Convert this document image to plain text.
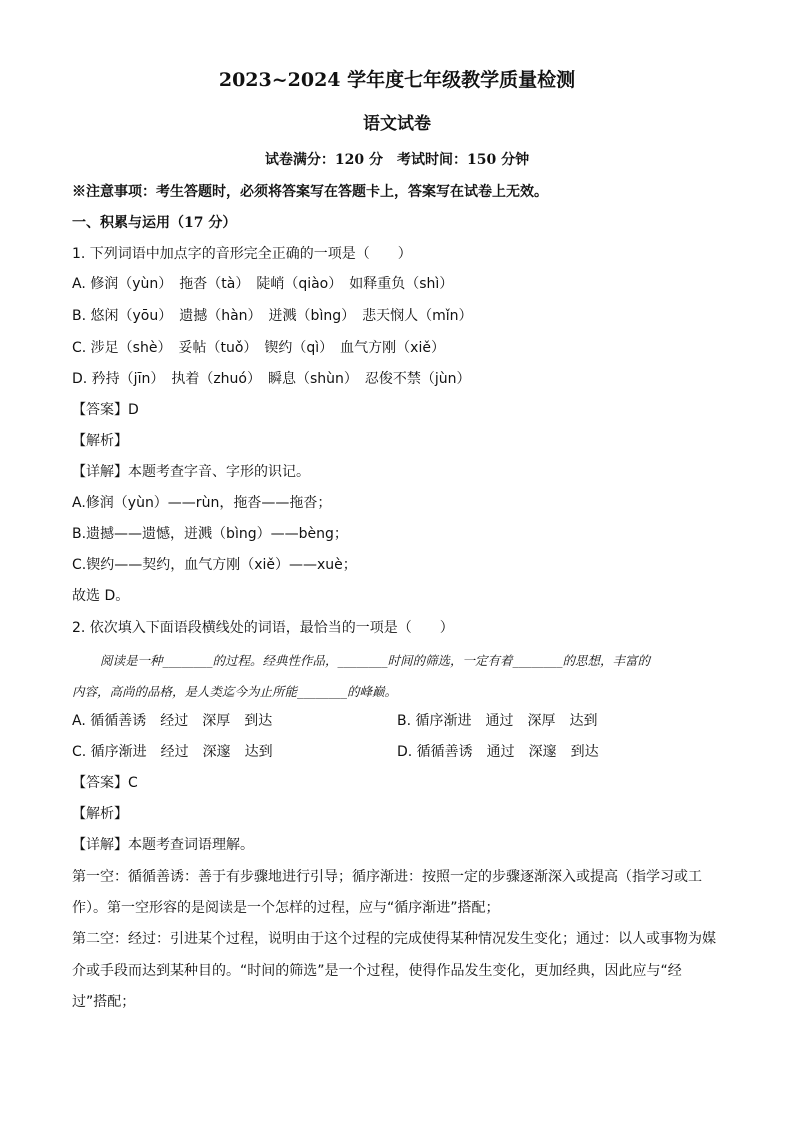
2023~2024 学年度七年级教学质量检测
语文试卷
试卷满分：120 分　考试时间：150 分钟
※注意事项：考生答题时，必须将答案写在答题卡上，答案写在试卷上无效。
一、积累与运用（17 分）
1. 下列词语中加点字的音形完全正确的一项是（　　）
A. 修润（yùn）　拖沓（tà）　陡峭（qiào）　如释重负（shì）
B. 悠闲（yōu）　遗撼（hàn）　迸溅（bìng）　悲天悯人（mǐn）
C. 涉足（shè）　妥帖（tuǒ）　锲约（qì）　血气方刚（xiě）
D. 矜持（jīn）　执着（zhuó）　瞬息（shùn）　忍俊不禁（jùn）
【答案】D
【解析】
【详解】本题考查字音、字形的识记。
A.修润（yùn）——rùn，拖沓——拖沓；
B.遗撼——遗憾，迸溅（bìng）——bèng；
C.锲约——契约，血气方刚（xiě）——xuè；
故选 D。
2. 依次填入下面语段横线处的词语，最恰当的一项是（　　）
阅读是一种________的过程。经典性作品，________时间的筛选，一定有着________的思想，丰富的
内容，高尚的品格，是人类迄今为止所能________的峰巅。
A. 循循善诱　经过　深厚　到达	B. 循序渐进　通过　深厚　达到
C. 循序渐进　经过　深邃　达到	D. 循循善诱　通过　深邃　到达
【答案】C
【解析】
【详解】本题考查词语理解。
第一空：循循善诱：善于有步骤地进行引导；循序渐进：按照一定的步骤逐渐深入或提高（指学习或工
作）。第一空形容的是阅读是一个怎样的过程，应与“循序渐进”搭配；
第二空：经过：引进某个过程，说明由于这个过程的完成使得某种情况发生变化；通过：以人或事物为媒
介或手段而达到某种目的。“时间的筛选”是一个过程，使得作品发生变化，更加经典，因此应与“经
过”搭配；
